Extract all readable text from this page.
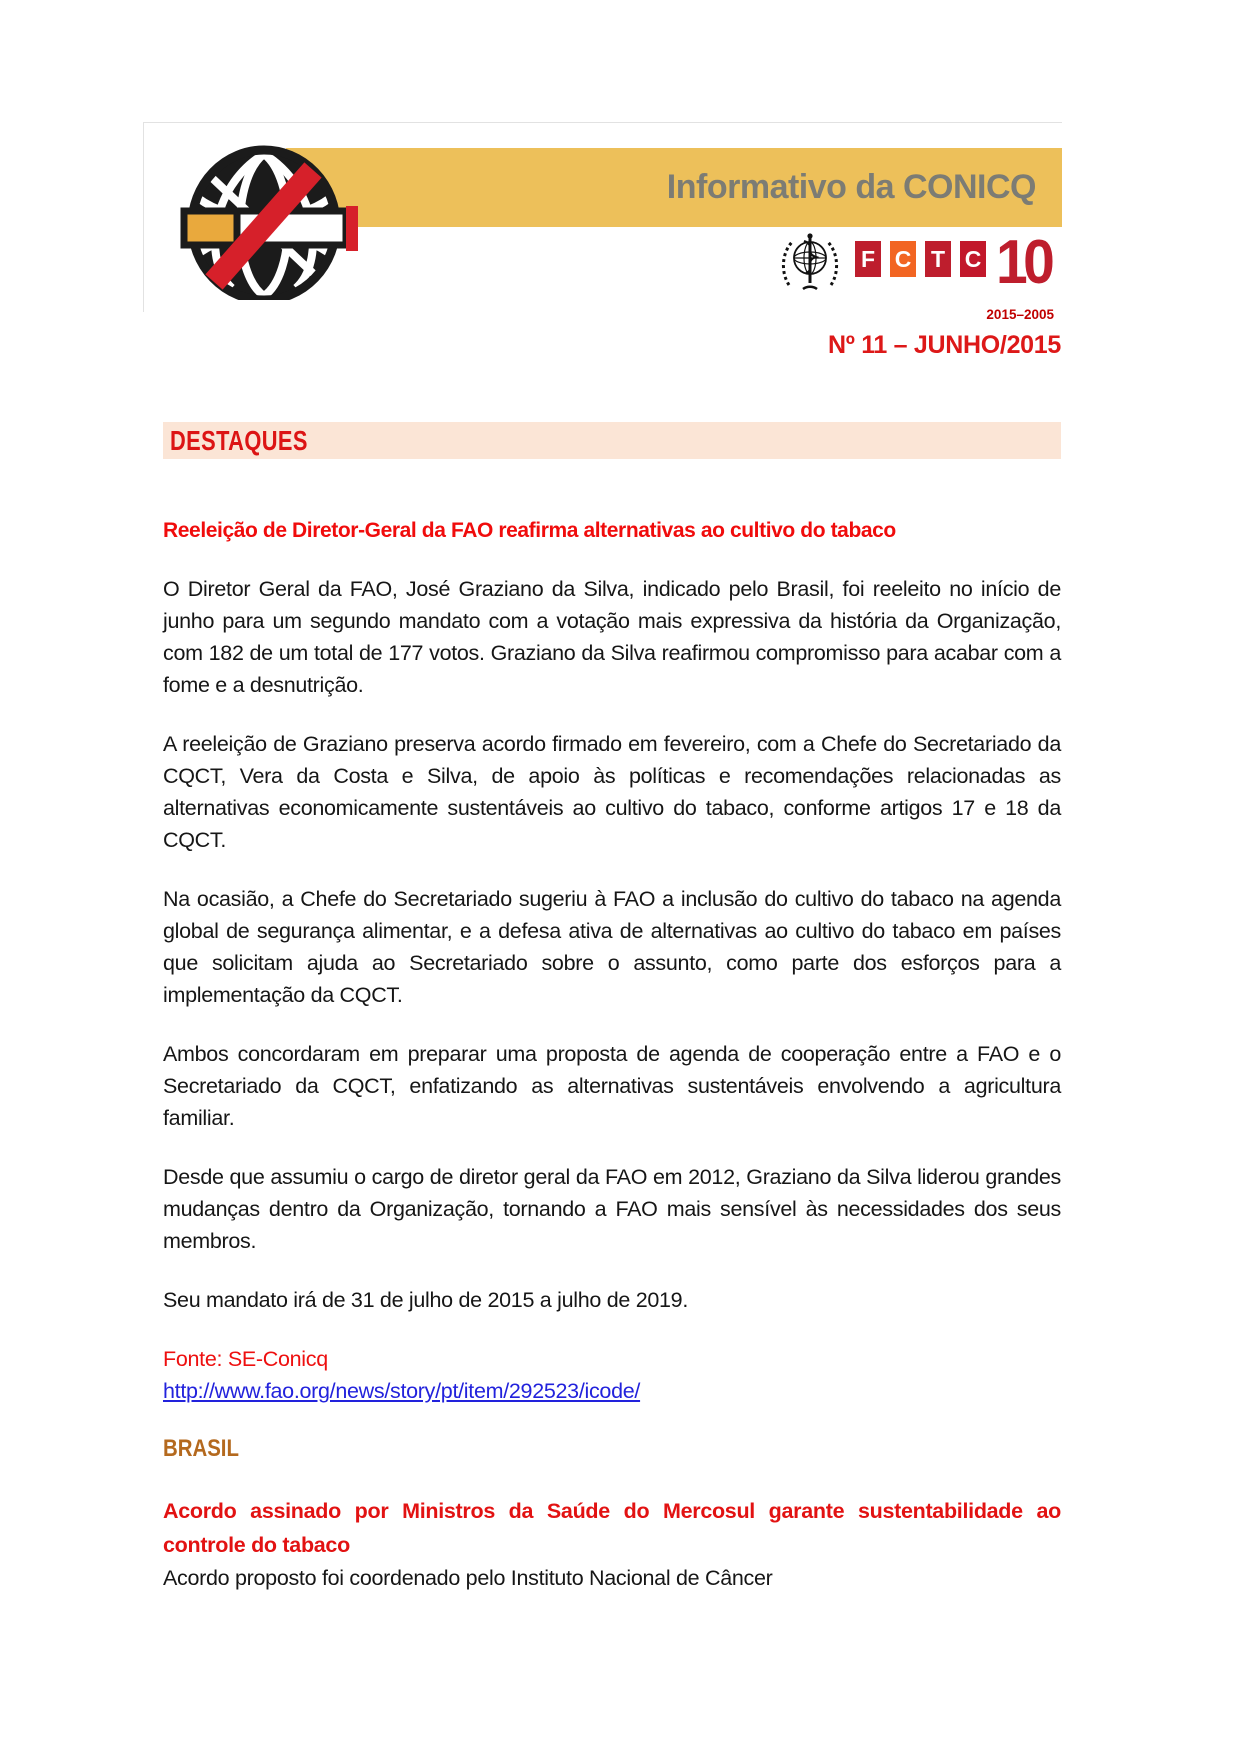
Informativo da CONICQ
F C T C 10
2015–2005
Nº 11 – JUNHO/2015
DESTAQUES
Reeleição de Diretor-Geral da FAO reafirma alternativas ao cultivo do tabaco

O Diretor Geral da FAO, José Graziano da Silva, indicado pelo Brasil, foi reeleito no início de junho para um segundo mandato com a votação mais expressiva da história da Organização, com 182 de um total de 177 votos. Graziano da Silva reafirmou compromisso para acabar com a fome e a desnutrição.

A reeleição de Graziano preserva acordo firmado em fevereiro, com a Chefe do Secretariado da CQCT, Vera da Costa e Silva, de apoio às políticas e recomendações relacionadas as alternativas economicamente sustentáveis ao cultivo do tabaco, conforme artigos 17 e 18 da CQCT.

Na ocasião, a Chefe do Secretariado sugeriu à FAO a inclusão do cultivo do tabaco na agenda global de segurança alimentar, e a defesa ativa de alternativas ao cultivo do tabaco em países que solicitam ajuda ao Secretariado sobre o assunto, como parte dos esforços para a implementação da CQCT.

Ambos concordaram em preparar uma proposta de agenda de cooperação entre a FAO e o Secretariado da CQCT, enfatizando as alternativas sustentáveis envolvendo a agricultura familiar.

Desde que assumiu o cargo de diretor geral da FAO em 2012, Graziano da Silva liderou grandes mudanças dentro da Organização, tornando a FAO mais sensível às necessidades dos seus membros.

Seu mandato irá de 31 de julho de 2015 a julho de 2019.

Fonte: SE-Conicq

http://www.fao.org/news/story/pt/item/292523/icode/
BRASIL
Acordo assinado por Ministros da Saúde do Mercosul garante sustentabilidade ao controle do tabaco
Acordo proposto foi coordenado pelo Instituto Nacional de Câncer
